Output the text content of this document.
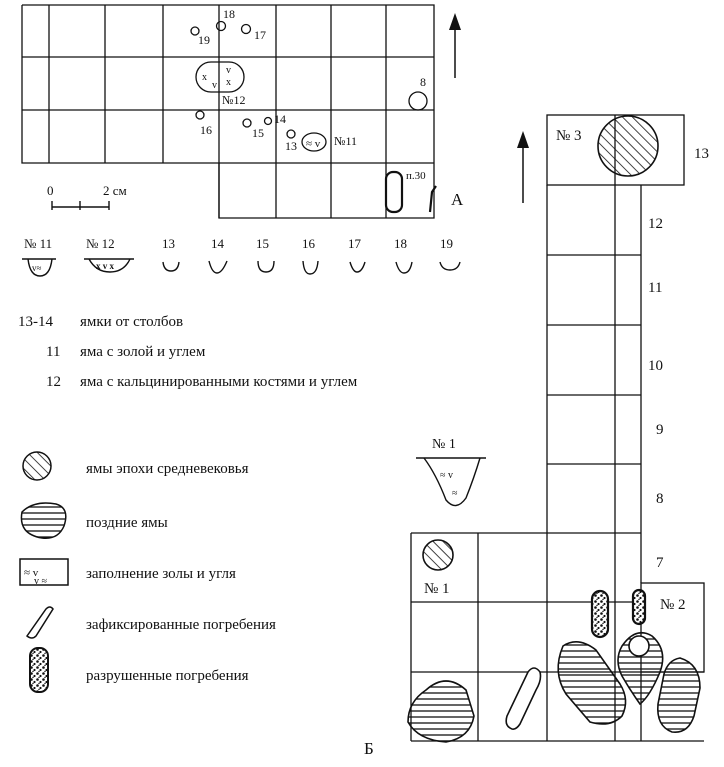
x
v
x
v
≈ v
19
18
17
8
16	15
14
13
№12
№11
п.30
А
0	2 см
№ 11	№ 12	13	14 15	16	17	18	19
v≈	x v x
13-14 ямки от столбов
11 яма с золой и углем
12 яма с кальцинированными костями и углем
≈ v
v ≈
ямы эпохи средневековья
поздние ямы
заполнение золы и угля
зафиксированные погребения
разрушенные погребения
№ 1
≈ v
≈
№ 3
№ 1
№ 2
13
12
11
10
9
8
7
Б
